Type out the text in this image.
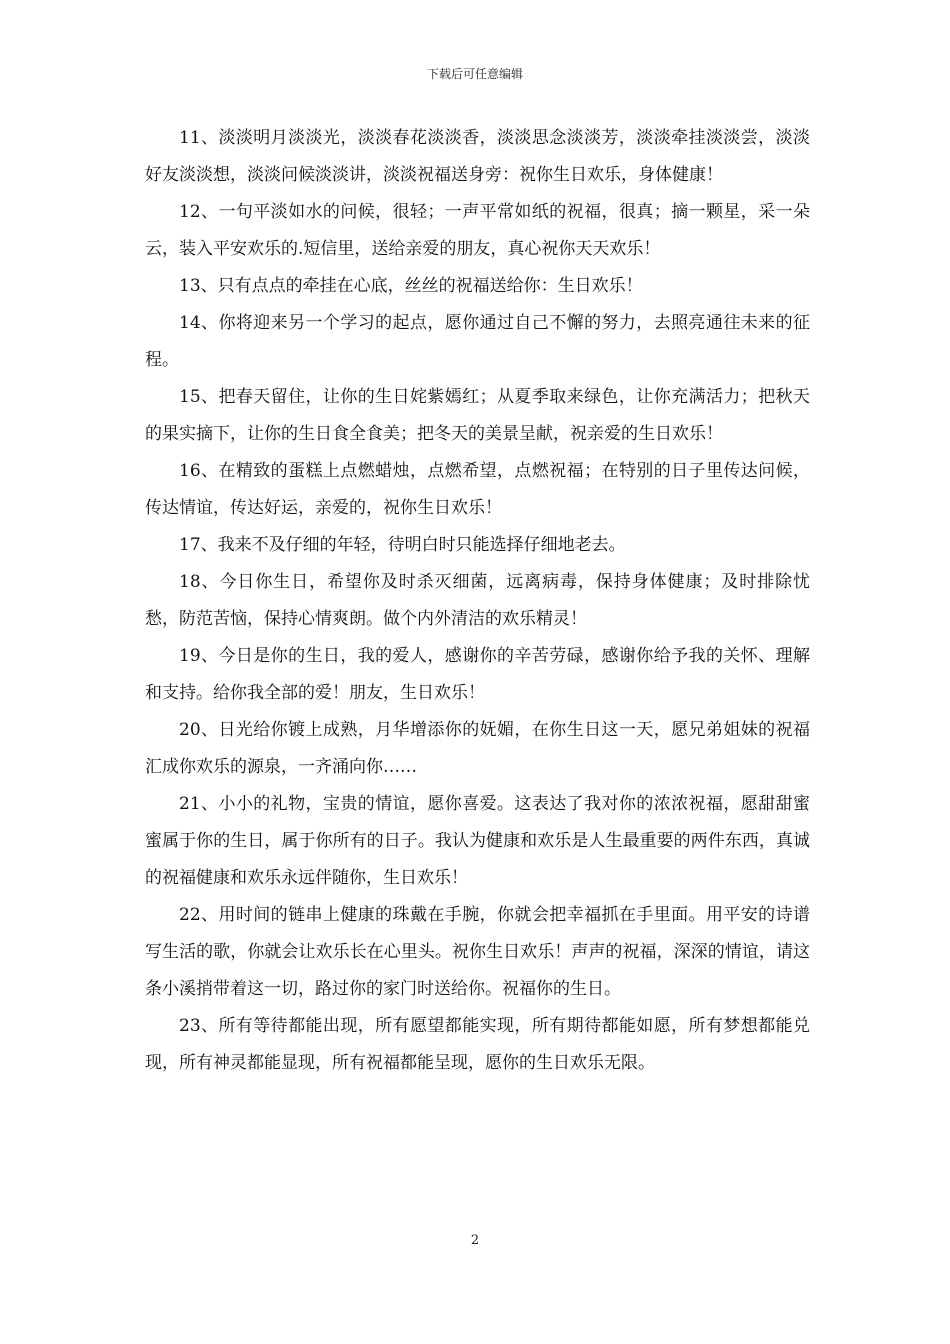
下载后可任意编辑

11、淡淡明月淡淡光，淡淡春花淡淡香，淡淡思念淡淡芳，淡淡牵挂淡淡尝，淡淡好友淡淡想，淡淡问候淡淡讲，淡淡祝福送身旁：祝你生日欢乐，身体健康！

12、一句平淡如水的问候，很轻；一声平常如纸的祝福，很真；摘一颗星，采一朵云，装入平安欢乐的.短信里，送给亲爱的朋友，真心祝你天天欢乐！

13、只有点点的牵挂在心底，丝丝的祝福送给你：生日欢乐！

14、你将迎来另一个学习的起点，愿你通过自己不懈的努力，去照亮通往未来的征程。

15、把春天留住，让你的生日姹紫嫣红；从夏季取来绿色，让你充满活力；把秋天的果实摘下，让你的生日食全食美；把冬天的美景呈献，祝亲爱的生日欢乐！

16、在精致的蛋糕上点燃蜡烛，点燃希望，点燃祝福；在特别的日子里传达问候，传达情谊，传达好运，亲爱的，祝你生日欢乐！

17、我来不及仔细的年轻，待明白时只能选择仔细地老去。

18、今日你生日，希望你及时杀灭细菌，远离病毒，保持身体健康；及时排除忧愁，防范苦恼，保持心情爽朗。做个内外清洁的欢乐精灵！

19、今日是你的生日，我的爱人，感谢你的辛苦劳碌，感谢你给予我的关怀、理解和支持。给你我全部的爱！朋友，生日欢乐！

20、日光给你镀上成熟，月华增添你的妩媚，在你生日这一天，愿兄弟姐妹的祝福汇成你欢乐的源泉，一齐涌向你……

21、小小的礼物，宝贵的情谊，愿你喜爱。这表达了我对你的浓浓祝福，愿甜甜蜜蜜属于你的生日，属于你所有的日子。我认为健康和欢乐是人生最重要的两件东西，真诚的祝福健康和欢乐永远伴随你，生日欢乐！

22、用时间的链串上健康的珠戴在手腕，你就会把幸福抓在手里面。用平安的诗谱写生活的歌，你就会让欢乐长在心里头。祝你生日欢乐！声声的祝福，深深的情谊，请这条小溪捎带着这一切，路过你的家门时送给你。祝福你的生日。

23、所有等待都能出现，所有愿望都能实现，所有期待都能如愿，所有梦想都能兑现，所有神灵都能显现，所有祝福都能呈现，愿你的生日欢乐无限。

2
